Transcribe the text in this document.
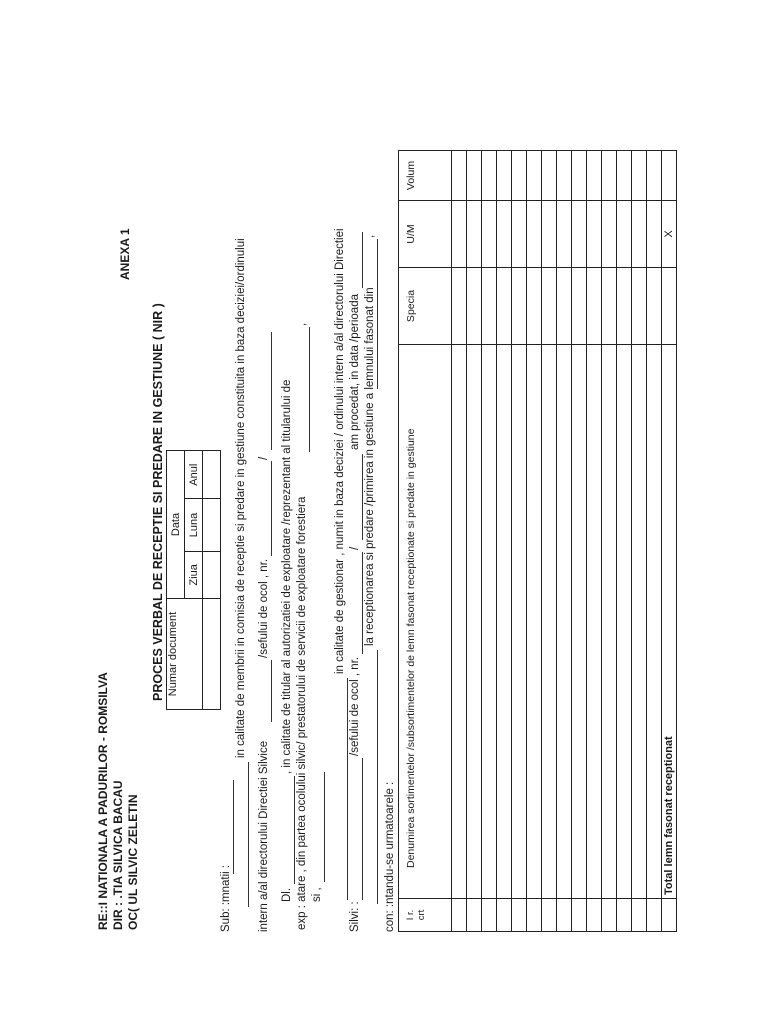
RE::I NATIONALA A PADURILOR - ROMSILVA DIR : .TIA SILVICA BACAU OC( UL SILVIC ZELETIN
ANEXA 1
PROCES VERBAL DE RECEPTIE SI PREDARE IN GESTIUNE ( NIR ) Numar document	Data		
	Ziua	Luna	Anul

Sub: :mnatii :
in calitate de membrii in comisia de receptie si predare in gestiune constituita in baza deciziei/ordinului
intern a/al directorului Directiei Silvice
/sefului de ocol , nr.
/
Dl.
, in calitate de titular al autorizatiei de exploatare /reprezentant al titularului de exp : atare , din partea ocolului silvic/ prestatorului de servicii de exploatare forestiera
,
si ,
in calitate de gestionar , numit in baza deciziei / ordinului intern a/al directorului Directiei
Silvi: :
/sefului de ocol , nr.
/
am procedat, in data /perioada la receptionarea si predare /primirea in gestiune a lemnului fasonat din
,
con: :ntandu-se urmatoarele : I r. crt	Denumirea sortimentelor /subsortimentelor de lemn fasonat receptionate si predate in gestiune	Specia	U/M	Volum

	Total lemn fasonat receptionat		X	
